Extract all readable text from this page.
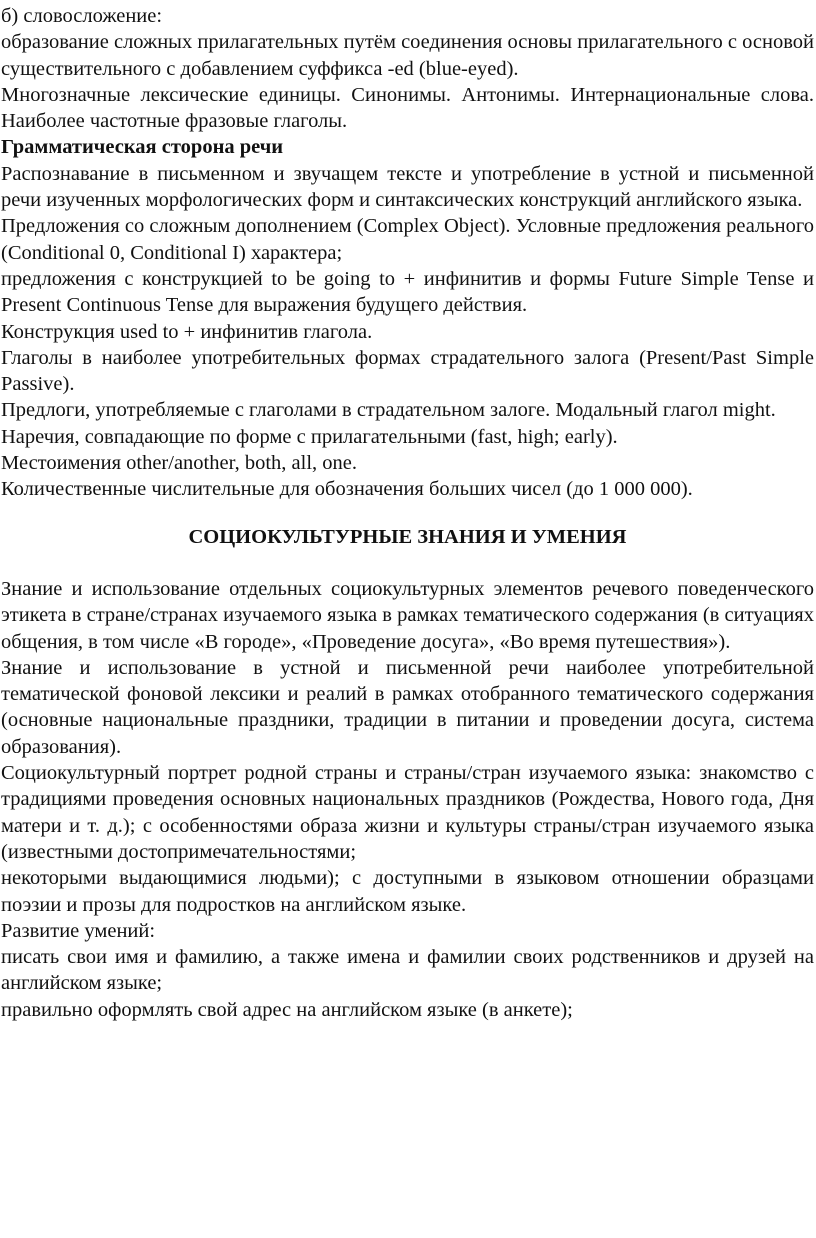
б) словосложение:

образование сложных прилагательных путём соединения основы прилагательного с основой существительного с добавлением суффикса -ed (blue-eyed).

Многозначные лексические единицы. Синонимы. Антонимы. Интернациональные слова. Наиболее частотные фразовые глаголы.

Грамматическая сторона речи

Распознавание в письменном и звучащем тексте и употребление в устной и письменной речи изученных морфологических форм и синтаксических конструкций английского языка.

Предложения со сложным дополнением (Complex Object). Условные предложения реального (Conditional 0, Conditional I) характера;

предложения с конструкцией to be going to + инфинитив и формы Future Simple Tense и Present Continuous Tense для выражения будущего действия.

Конструкция used to + инфинитив глагола.

Глаголы в наиболее употребительных формах страдательного залога (Present/Past Simple Passive).

Предлоги, употребляемые с глаголами в страдательном залоге. Модальный глагол might.

Наречия, совпадающие по форме с прилагательными (fast, high; early).

Местоимения other/another, both, all, one.

Количественные числительные для обозначения больших чисел (до 1 000 000).

СОЦИОКУЛЬТУРНЫЕ ЗНАНИЯ И УМЕНИЯ

Знание и использование отдельных социокультурных элементов речевого поведенческого этикета в стране/странах изучаемого языка в рамках тематического содержания (в ситуациях общения, в том числе «В городе», «Проведение досуга», «Во время путешествия»).

Знание и использование в устной и письменной речи наиболее употребительной тематической фоновой лексики и реалий в рамках отобранного тематического содержания (основные национальные праздники, традиции в питании и проведении досуга, система образования).

Социокультурный портрет родной страны и страны/стран изучаемого языка: знакомство с традициями проведения основных национальных праздников (Рождества, Нового года, Дня матери и т. д.); с особенностями образа жизни и культуры страны/стран изучаемого языка (известными достопримечательностями;

некоторыми выдающимися людьми); с доступными в языковом отношении образцами поэзии и прозы для подростков на английском языке.

Развитие умений:

писать свои имя и фамилию, а также имена и фамилии своих родственников и друзей на английском языке;

правильно оформлять свой адрес на английском языке (в анкете);
